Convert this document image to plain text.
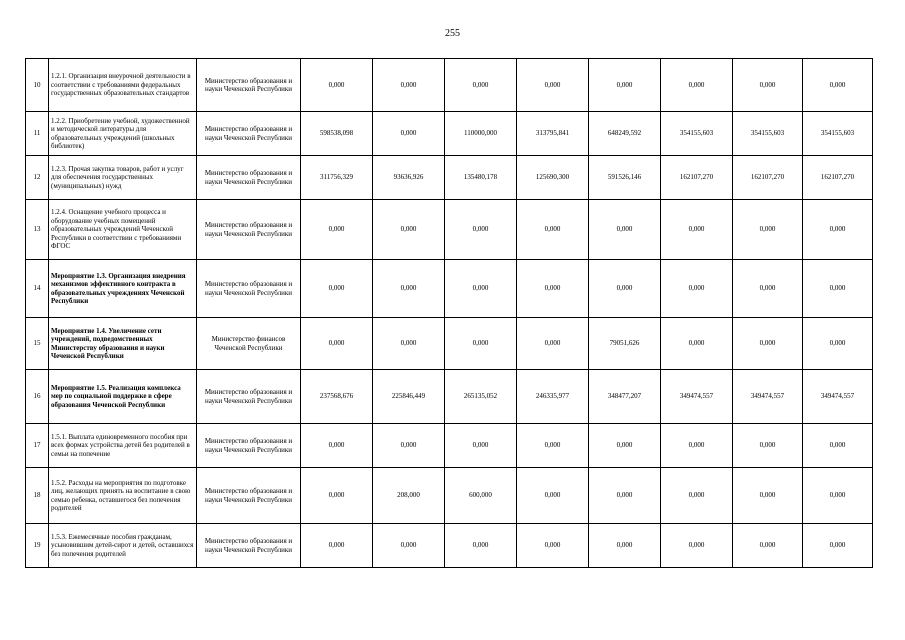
255
10	1.2.1. Организация внеурочной деятельности в соответствии с требованиями федеральных государственных образовательных стандартов	Министерство образования и науки Чеченской Республики	0,000	0,000	0,000	0,000	0,000	0,000	0,000	0,000
11	1.2.2. Приобретение учебной, художественной и методической литературы для образовательных учреждений (школьных библиотек)	Министерство образования и науки Чеченской Республики	598538,098	0,000	110000,000	313795,841	648249,592	354155,603	354155,603	354155,603
12	1.2.3. Прочая закупка товаров, работ и услуг для обеспечения государственных (муниципальных) нужд	Министерство образования и науки Чеченской Республики	311756,329	93636,926	135480,178	125690,300	591526,146	162107,270	162107,270	162107,270
13	1.2.4. Оснащение учебного процесса и оборудование учебных помещений образовательных учреждений Чеченской Республики в соответствии с требованиями ФГОС	Министерство образования и науки Чеченской Республики	0,000	0,000	0,000	0,000	0,000	0,000	0,000	0,000
14	Мероприятие 1.3. Организация внедрения механизмов эффективного контракта в образовательных учреждениях Чеченской Республики	Министерство образования и науки Чеченской Республики	0,000	0,000	0,000	0,000	0,000	0,000	0,000	0,000
15	Мероприятие 1.4. Увеличение сети учреждений, подведомственных Министерству образования и науки Чеченской Республики	Министерство финансов Чеченской Республики	0,000	0,000	0,000	0,000	79051,626	0,000	0,000	0,000
16	Мероприятие 1.5. Реализация комплекса мер по социальной поддержке в сфере образования Чеченской Республики	Министерство образования и науки Чеченской Республики	237568,676	225846,449	265135,052	246335,977	348477,207	349474,557	349474,557	349474,557
17	1.5.1. Выплата единовременного пособия при всех формах устройства детей без родителей в семьи на попечение	Министерство образования и науки Чеченской Республики	0,000	0,000	0,000	0,000	0,000	0,000	0,000	0,000
18	1.5.2. Расходы на мероприятия по подготовке лиц, желающих принять на воспитание в свою семью ребенка, оставшегося без попечения родителей	Министерство образования и науки Чеченской Республики	0,000	208,000	600,000	0,000	0,000	0,000	0,000	0,000
19	1.5.3. Ежемесячные пособия гражданам, усыновившим детей-сирот и детей, оставшихся без попечения родителей	Министерство образования и науки Чеченской Республики	0,000	0,000	0,000	0,000	0,000	0,000	0,000	0,000
